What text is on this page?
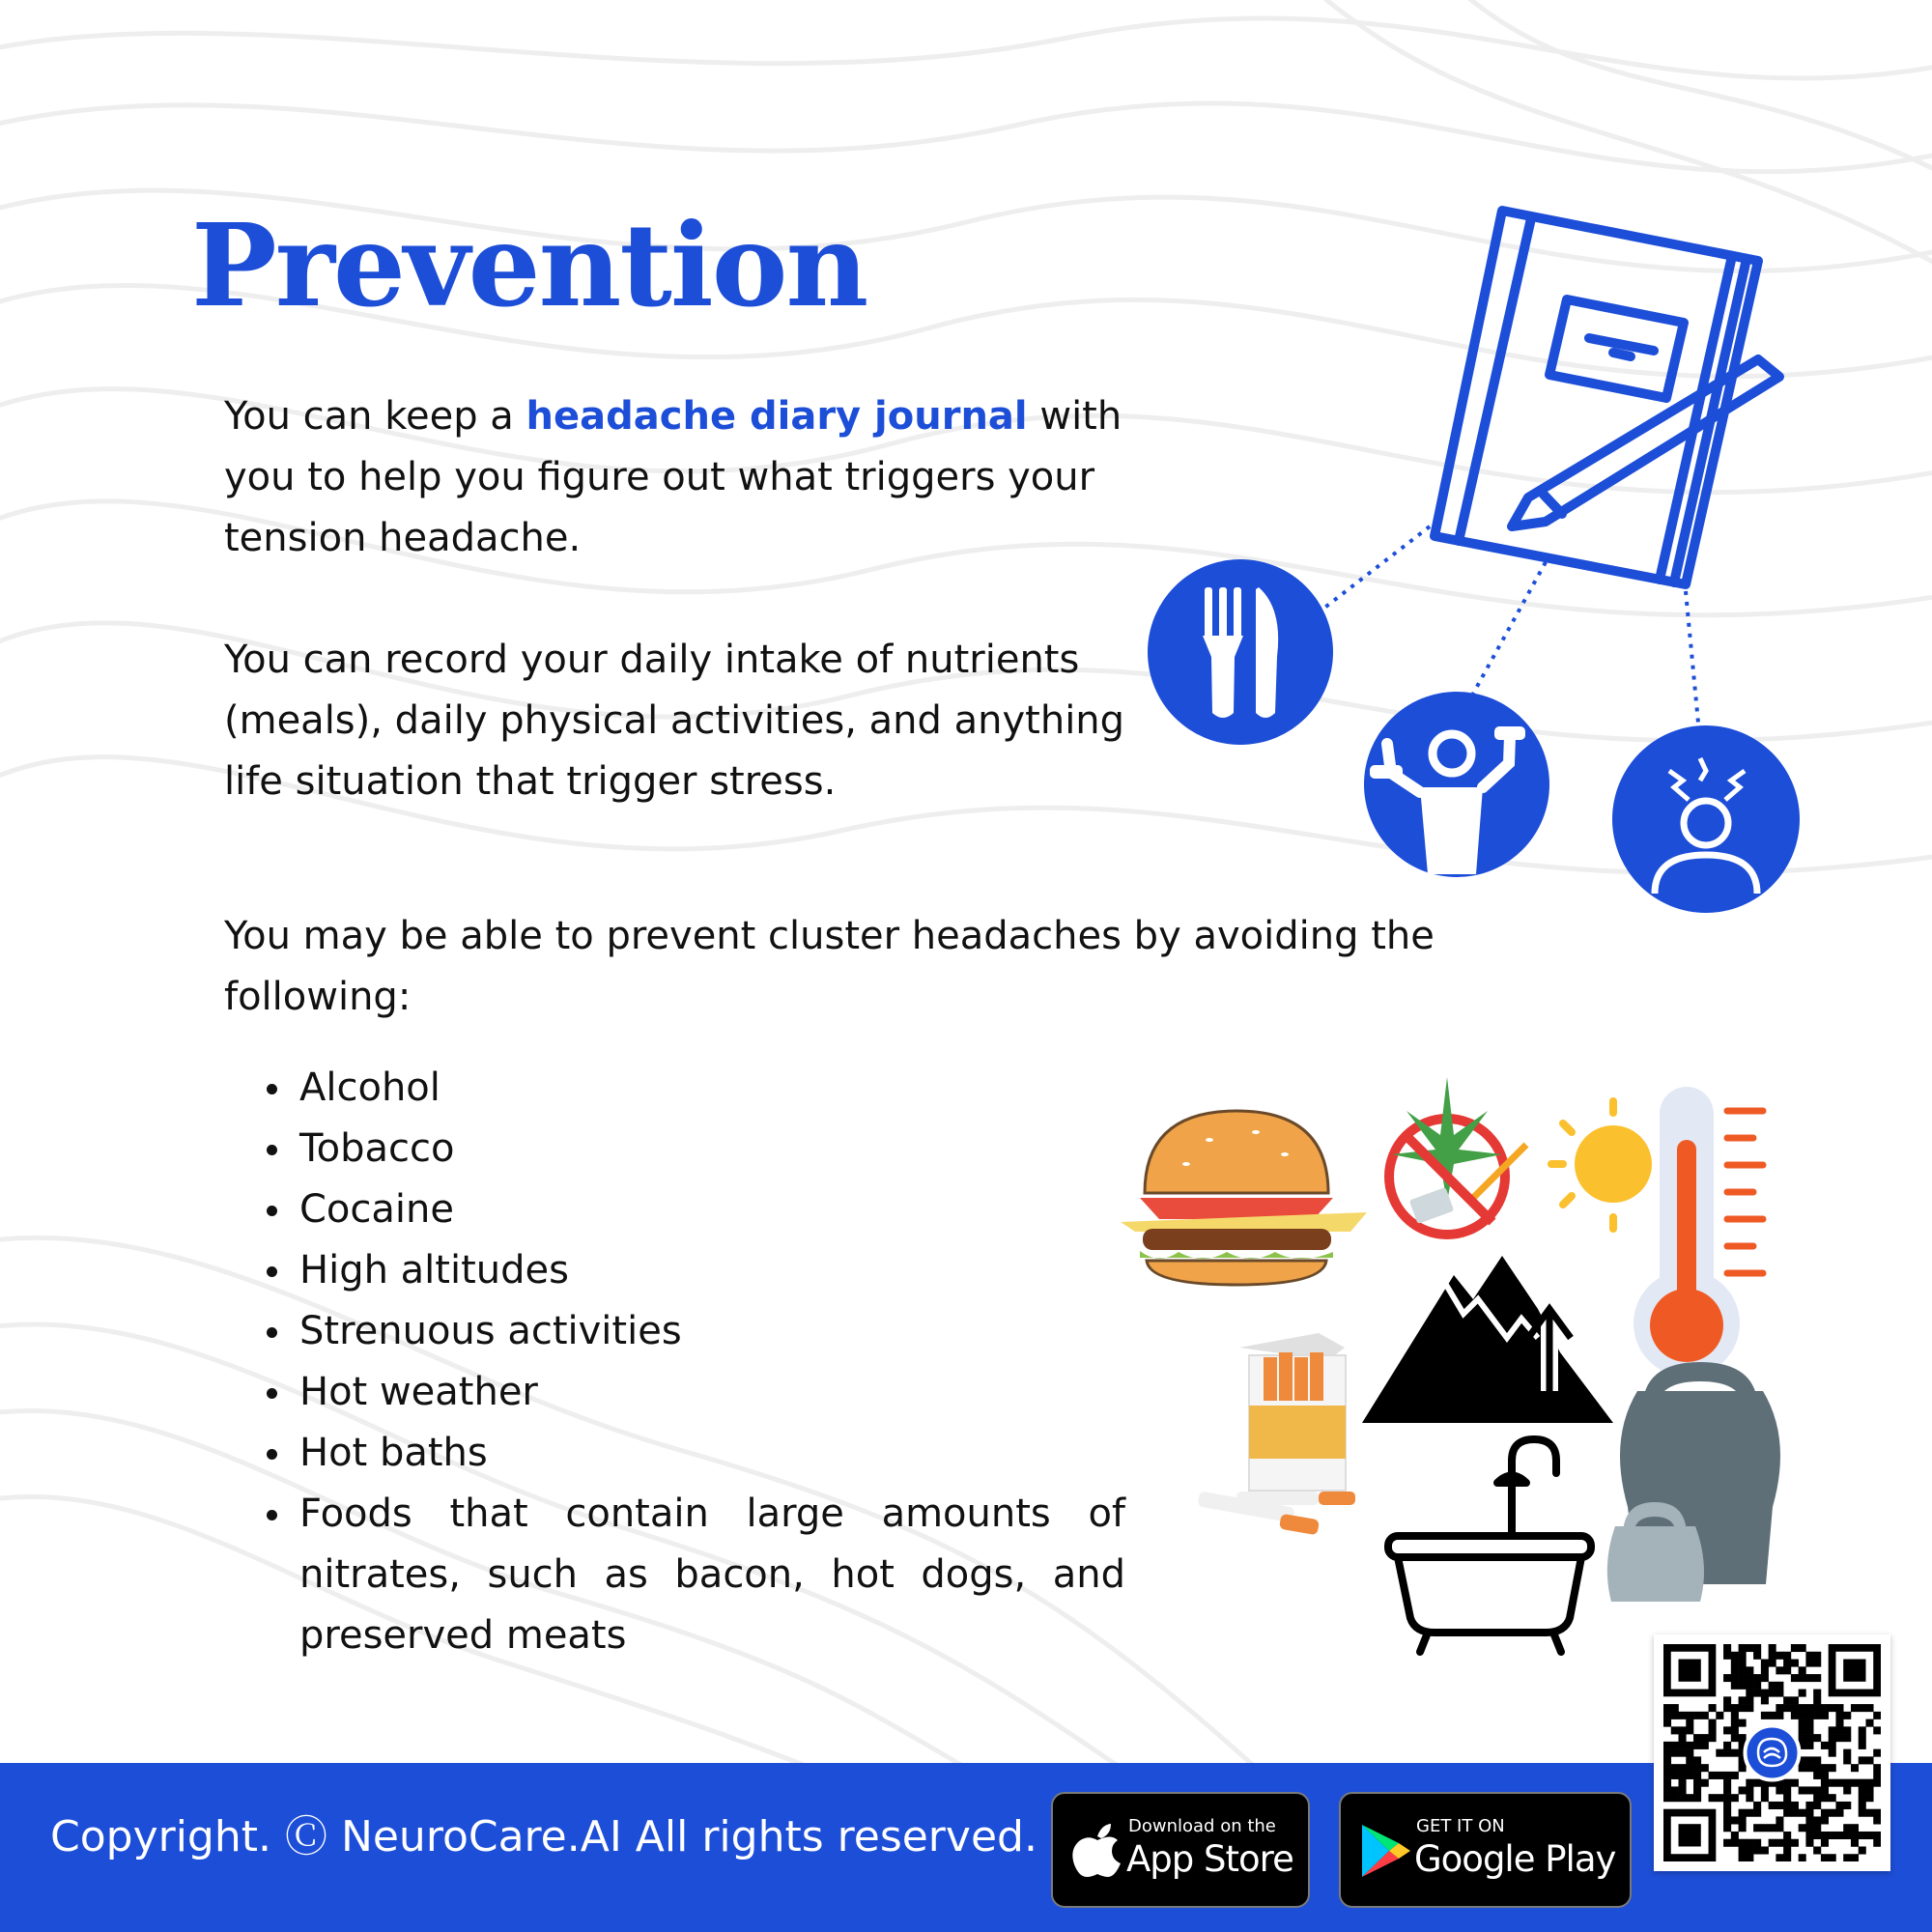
Prevention

You can keep a headache diary journal with you to help you figure out what triggers your tension headache.

You can record your daily intake of nutrients (meals), daily physical activities, and anything life situation that trigger stress.

You may be able to prevent cluster headaches by avoiding the following:

Alcohol
Tobacco
Cocaine
High altitudes
Strenuous activities
Hot weather
Hot baths
Foods that contain large amounts of nitrates, such as bacon, hot dogs, and preserved meats

Copyright. Ⓒ NeuroCare.AI All rights reserved.	Download on the
App Store
GET IT ON
Google Play
